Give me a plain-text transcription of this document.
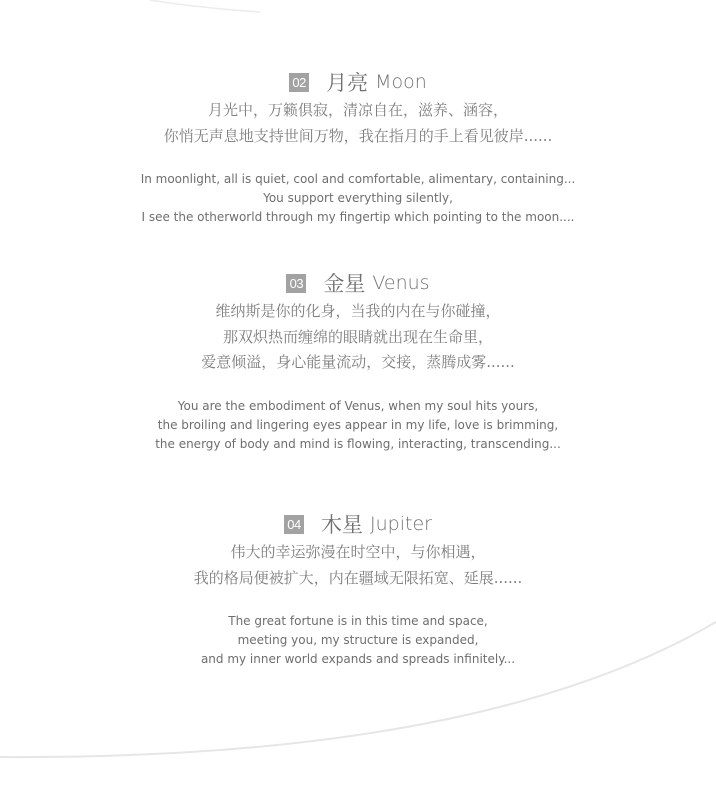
02 月亮 Moon
月光中，万籁俱寂，清凉自在，滋养、涵容，
你悄无声息地支持世间万物，我在指月的手上看见彼岸......
In moonlight, all is quiet, cool and comfortable, alimentary, containing...
You support everything silently,
I see the otherworld through my fingertip which pointing to the moon....
03 金星 Venus
维纳斯是你的化身，当我的内在与你碰撞，
那双炽热而缠绵的眼睛就出现在生命里，
爱意倾溢，身心能量流动，交接，蒸腾成雾......
You are the embodiment of Venus, when my soul hits yours,
the broiling and lingering eyes appear in my life, love is brimming,
the energy of body and mind is flowing, interacting, transcending...
04 木星 Jupiter
伟大的幸运弥漫在时空中，与你相遇，
我的格局便被扩大，内在疆域无限拓宽、延展......
The great fortune is in this time and space,
meeting you, my structure is expanded,
and my inner world expands and spreads infinitely...
